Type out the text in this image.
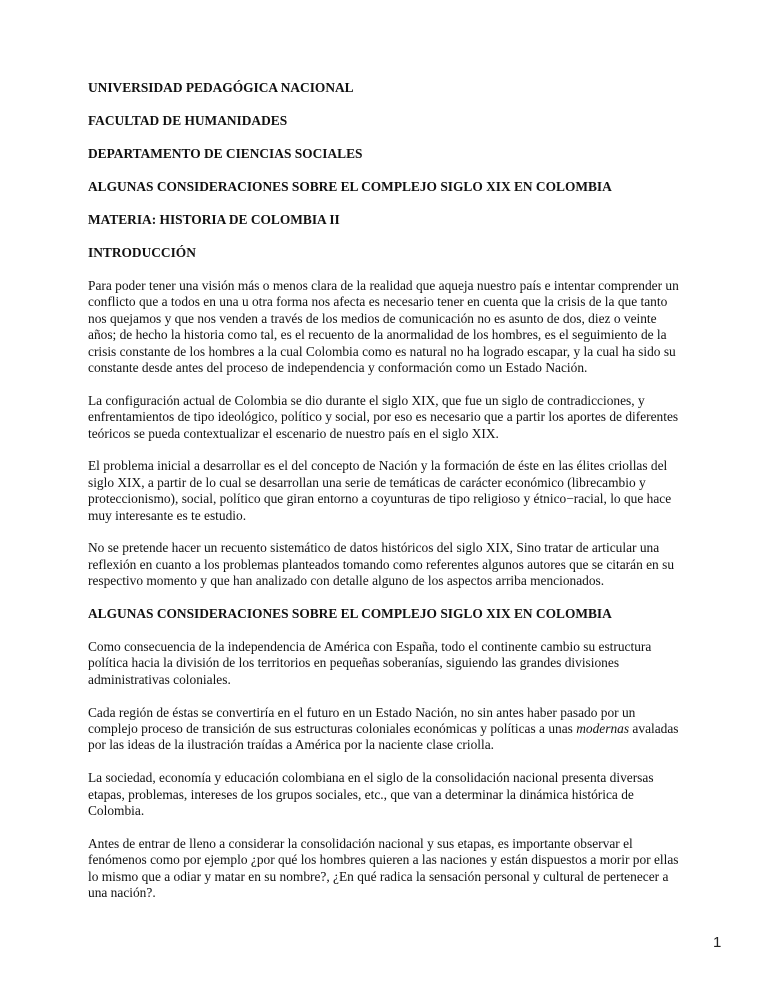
UNIVERSIDAD PEDAGÓGICA NACIONAL
FACULTAD DE HUMANIDADES
DEPARTAMENTO DE CIENCIAS SOCIALES
ALGUNAS CONSIDERACIONES SOBRE EL COMPLEJO SIGLO XIX EN COLOMBIA
MATERIA: HISTORIA DE COLOMBIA II
INTRODUCCIÓN
Para poder tener una visión más o menos clara de la realidad que aqueja nuestro país e intentar comprender un
conflicto que a todos en una u otra forma nos afecta es necesario tener en cuenta que la crisis de la que tanto
nos quejamos y que nos venden a través de los medios de comunicación no es asunto de dos, diez o veinte
años; de hecho la historia como tal, es el recuento de la anormalidad de los hombres, es el seguimiento de la
crisis constante de los hombres a la cual Colombia como es natural no ha logrado escapar, y la cual ha sido su
constante desde antes del proceso de independencia y conformación como un Estado Nación.
La configuración actual de Colombia se dio durante el siglo XIX, que fue un siglo de contradicciones, y
enfrentamientos de tipo ideológico, político y social, por eso es necesario que a partir los aportes de diferentes
teóricos se pueda contextualizar el escenario de nuestro país en el siglo XIX.
El problema inicial a desarrollar es el del concepto de Nación y la formación de éste en las élites criollas del
siglo XIX, a partir de lo cual se desarrollan una serie de temáticas de carácter económico (librecambio y
proteccionismo), social, político que giran entorno a coyunturas de tipo religioso y étnico−racial, lo que hace
muy interesante es te estudio.
No se pretende hacer un recuento sistemático de datos históricos del siglo XIX, Sino tratar de articular una
reflexión en cuanto a los problemas planteados tomando como referentes algunos autores que se citarán en su
respectivo momento y que han analizado con detalle alguno de los aspectos arriba mencionados.
ALGUNAS CONSIDERACIONES SOBRE EL COMPLEJO SIGLO XIX EN COLOMBIA
Como consecuencia de la independencia de América con España, todo el continente cambio su estructura
política hacia la división de los territorios en pequeñas soberanías, siguiendo las grandes divisiones
administrativas coloniales.
Cada región de éstas se convertiría en el futuro en un Estado Nación, no sin antes haber pasado por un
complejo proceso de transición de sus estructuras coloniales económicas y políticas a unas modernas avaladas
por las ideas de la ilustración traídas a América por la naciente clase criolla.
La sociedad, economía y educación colombiana en el siglo de la consolidación nacional presenta diversas
etapas, problemas, intereses de los grupos sociales, etc., que van a determinar la dinámica histórica de
Colombia.
Antes de entrar de lleno a considerar la consolidación nacional y sus etapas, es importante observar el
fenómenos como por ejemplo ¿por qué los hombres quieren a las naciones y están dispuestos a morir por ellas
lo mismo que a odiar y matar en su nombre?, ¿En qué radica la sensación personal y cultural de pertenecer a
una nación?.
1
